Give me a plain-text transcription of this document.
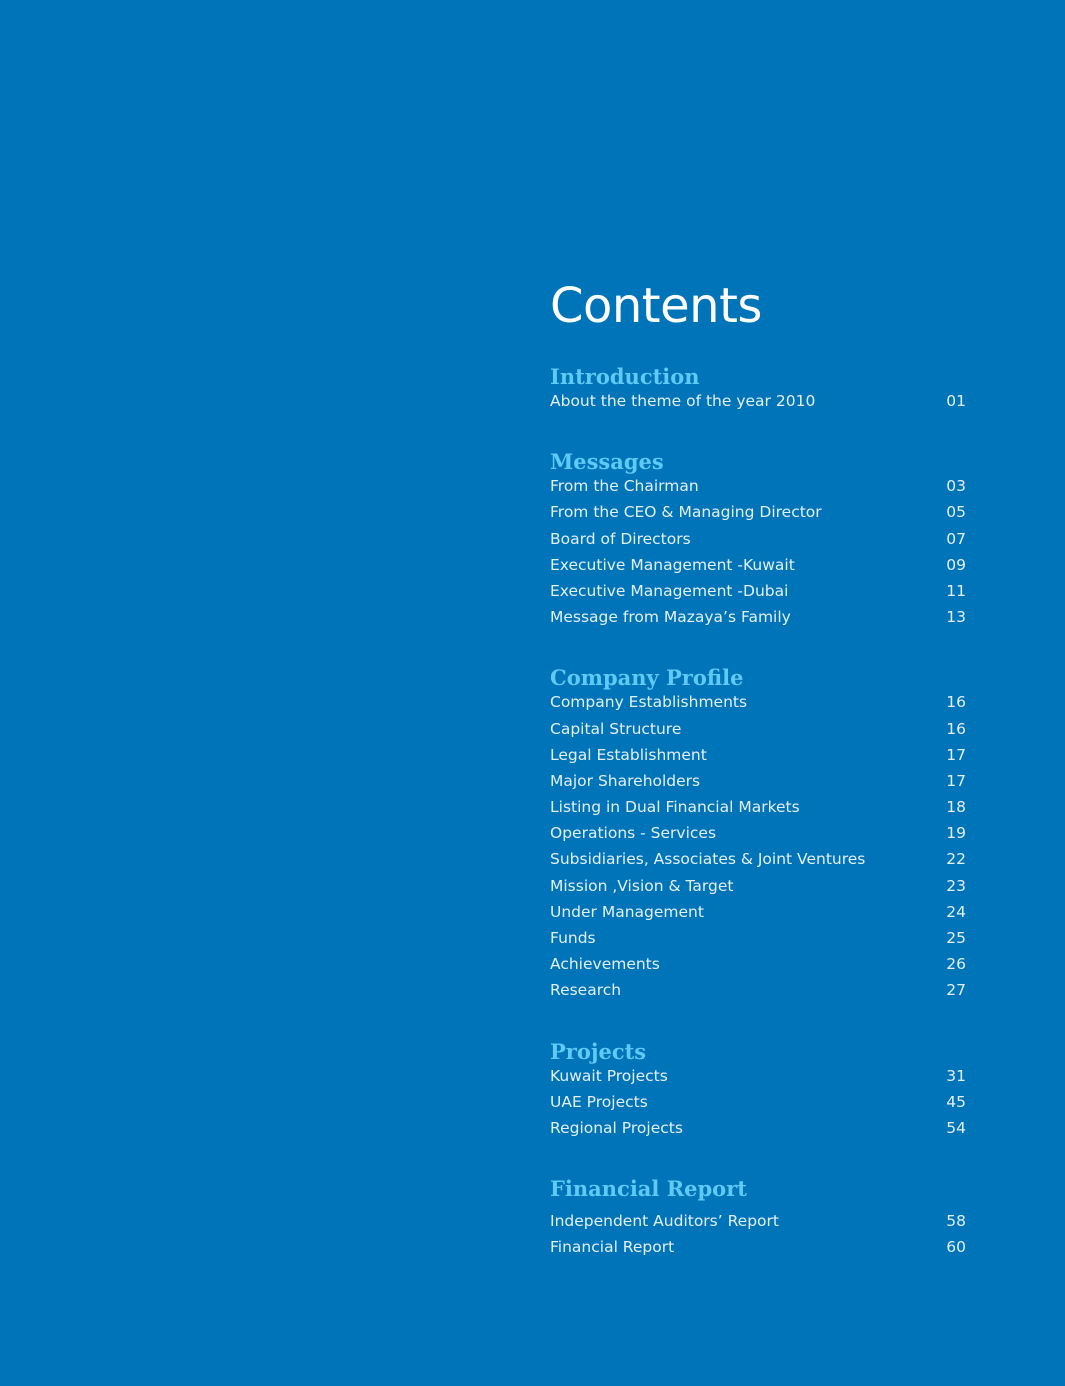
Contents
Introduction
About the theme of the year 2010	01
Messages
From the Chairman	03
From the CEO & Managing Director	05
Board of Directors	07
Executive Management -Kuwait	09
Executive Management -Dubai	11
Message from Mazaya’s Family	13
Company Profile
Company Establishments	16
Capital Structure	16
Legal Establishment	17
Major Shareholders	17
Listing in Dual Financial Markets	18
Operations - Services	19
Subsidiaries, Associates & Joint Ventures	22
Mission ,Vision & Target	23
Under Management	24
Funds	25
Achievements	26
Research	27
Projects
Kuwait Projects	31
UAE Projects	45
Regional Projects	54
Financial Report
Independent Auditors’ Report	58
Financial Report	60
